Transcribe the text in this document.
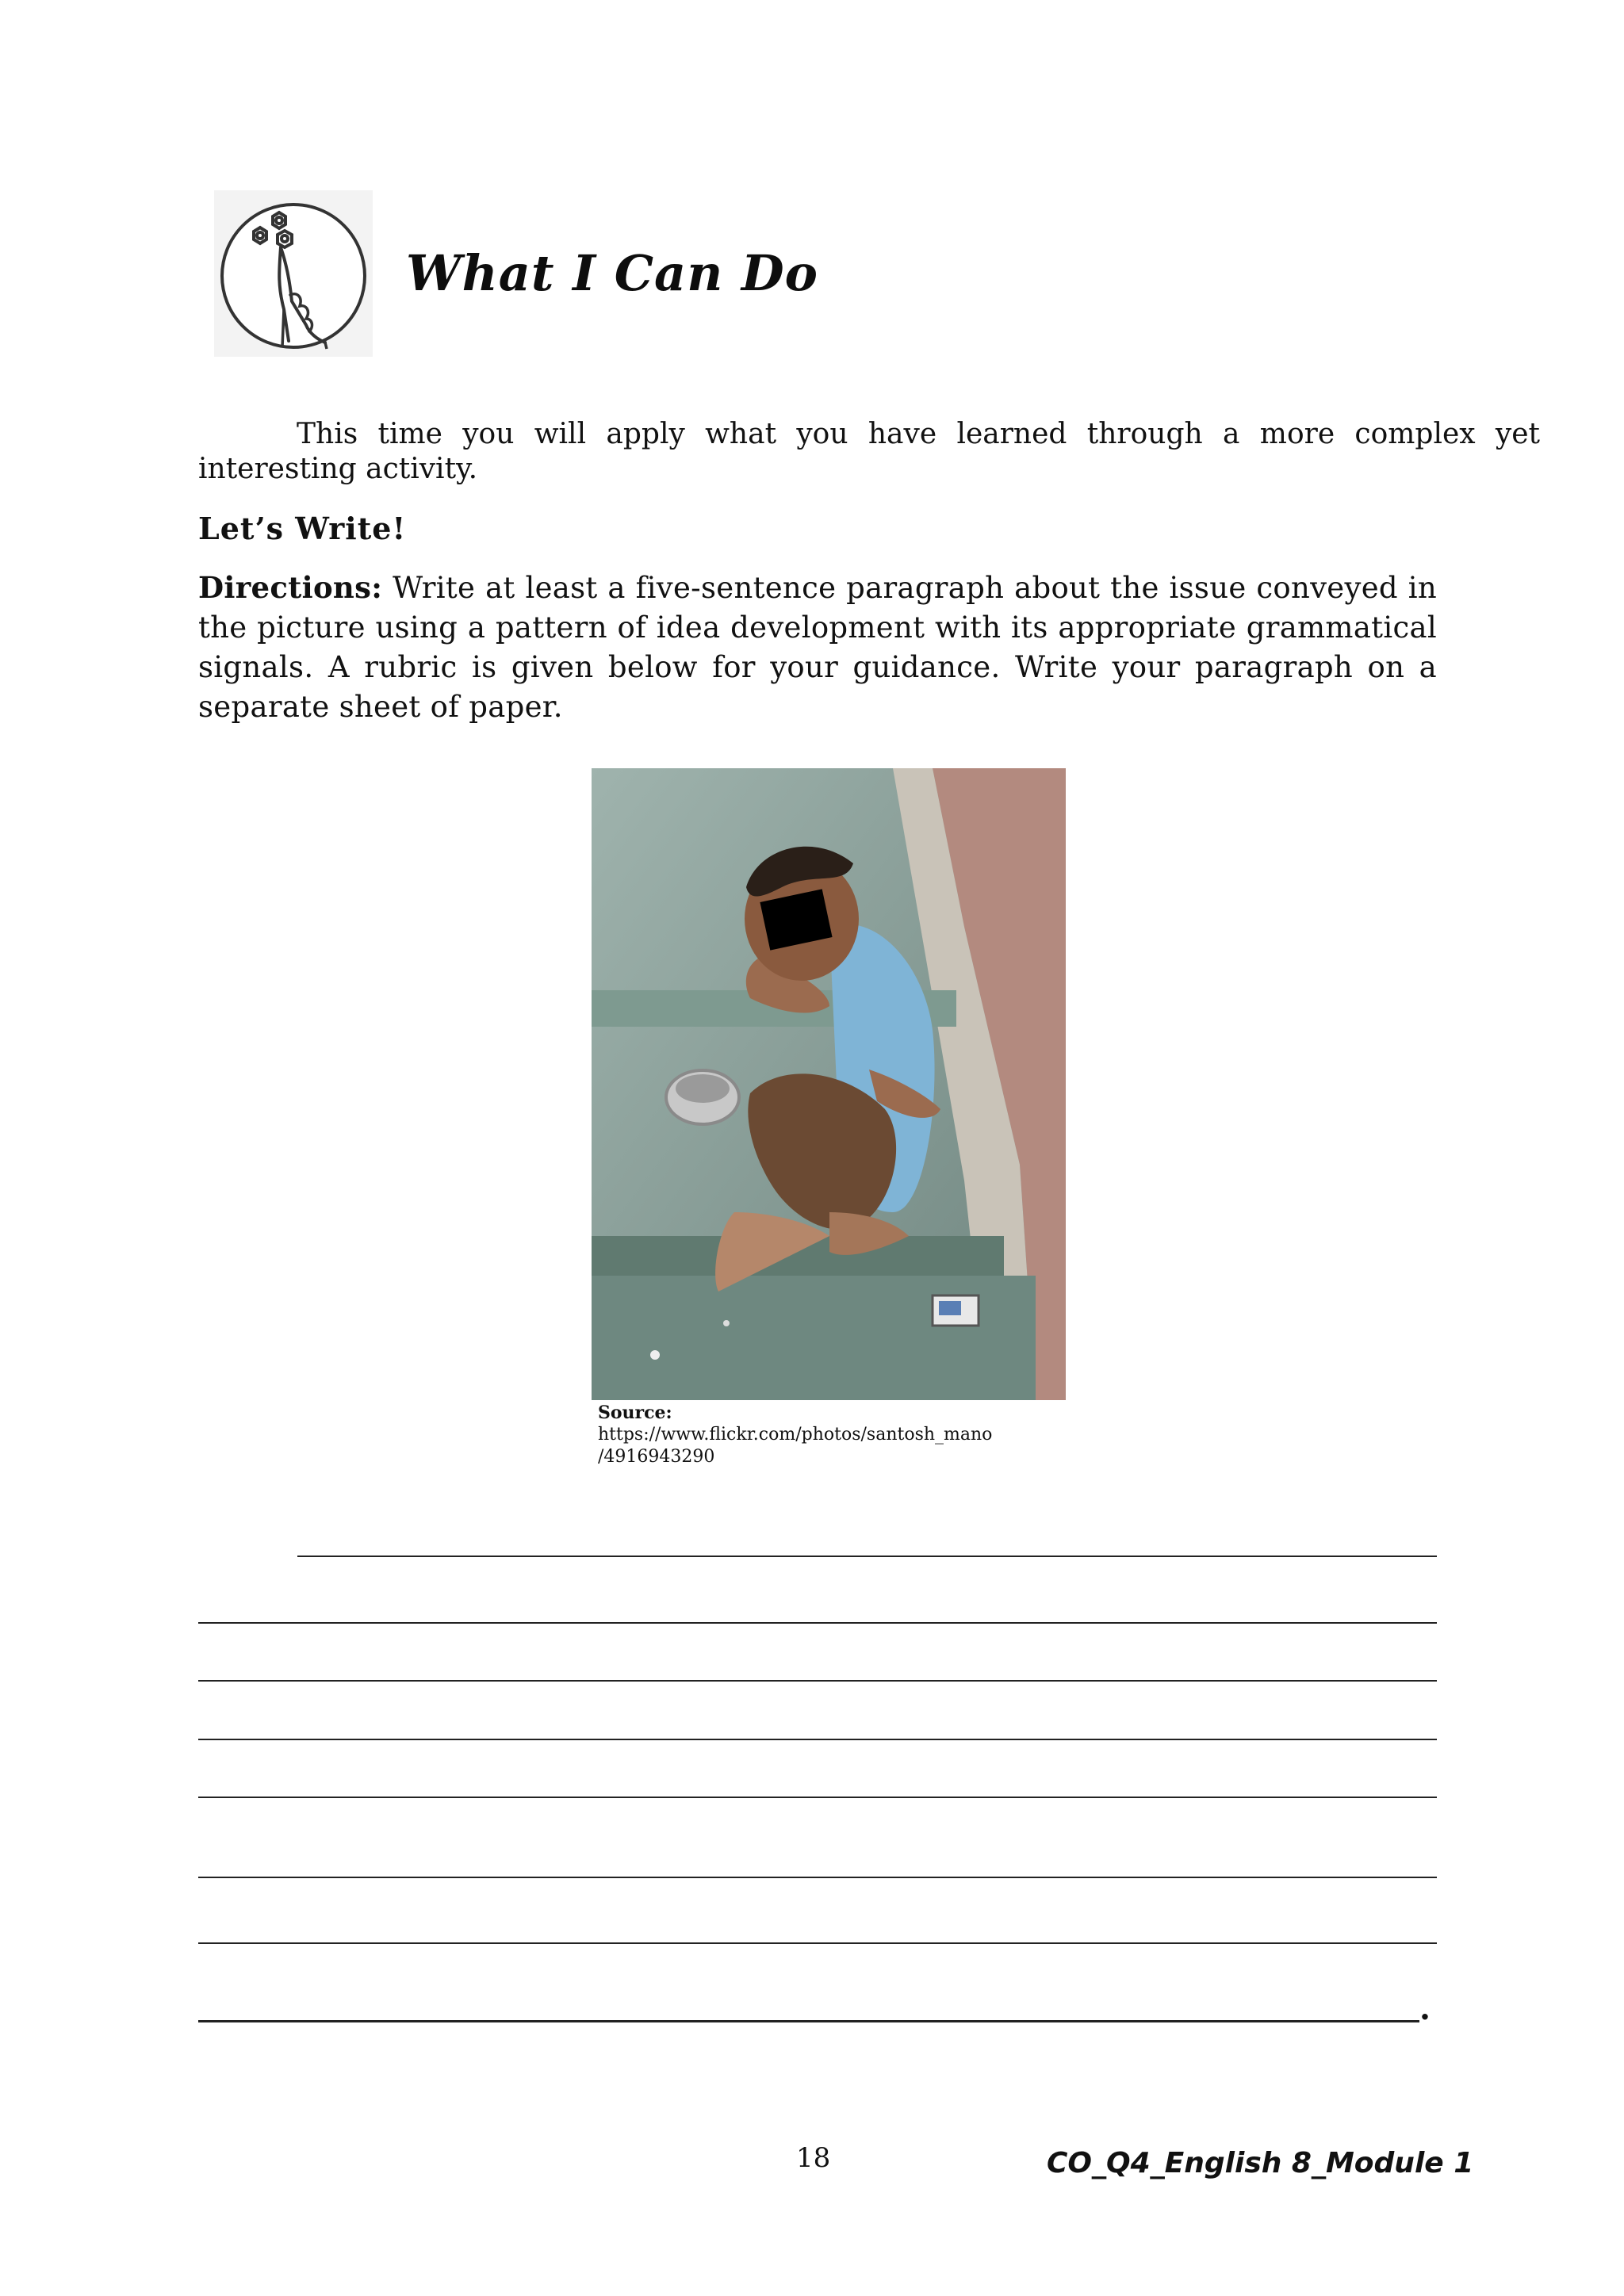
What I Can Do
This time you will apply what you have learned through a more complex yet interesting activity.
Let’s Write!
Directions: Write at least a five-sentence paragraph about the issue conveyed in the picture using a pattern of idea development with its appropriate grammatical signals. A rubric is given below for your guidance. Write your paragraph on a separate sheet of paper.
Source:
https://www.flickr.com/photos/santosh_mano
/4916943290
.
18	CO_Q4_English 8_Module 1
